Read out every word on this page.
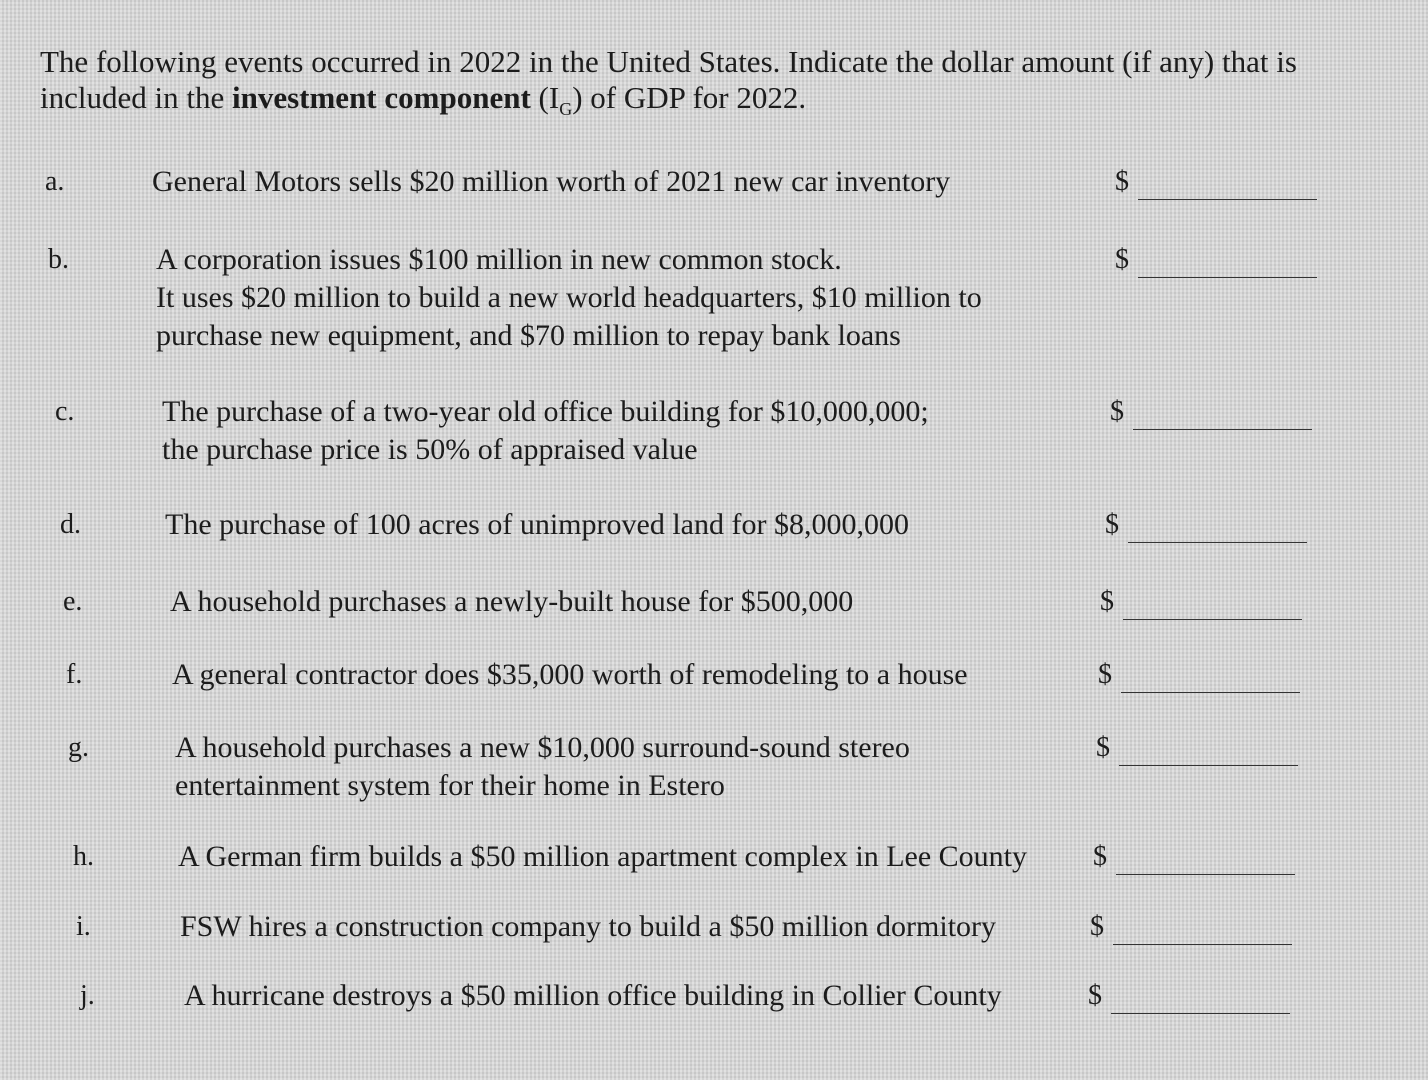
The following events occurred in 2022 in the United States. Indicate the dollar amount (if any) that is included in the investment component $(I_G)$ of GDP for 2022.
a.	General Motors sells $20 million worth of 2021 new car inventory	$
b.	A corporation issues $100 million in new common stock.
It uses $20 million to build a new world headquarters, $10 million to
purchase new equipment, and $70 million to repay bank loans
$
c.	The purchase of a two-year old office building for $10,000,000;
the purchase price is 50% of appraised value
$
d.	The purchase of 100 acres of unimproved land for $8,000,000	$
e.	A household purchases a newly-built house for $500,000	$
f.	A general contractor does $35,000 worth of remodeling to a house	$
g.	A household purchases a new $10,000 surround-sound stereo
entertainment system for their home in Estero
$
h.	A German firm builds a $50 million apartment complex in Lee County $
i.	FSW hires a construction company to build a $50 million dormitory	$
j.	A hurricane destroys a $50 million office building in Collier County	$
